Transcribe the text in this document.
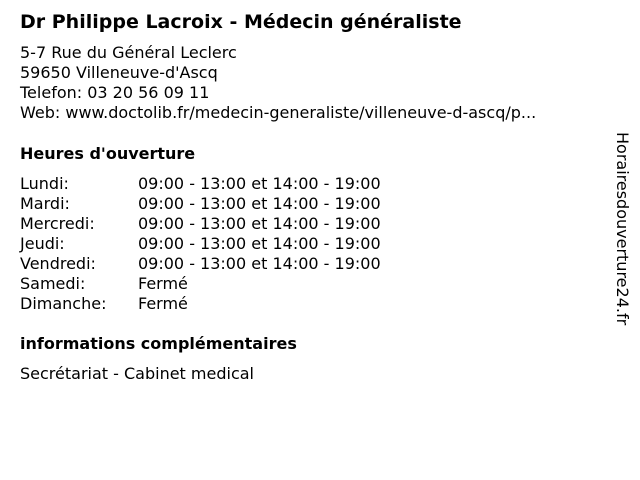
Dr Philippe Lacroix - Médecin généraliste
5-7 Rue du Général Leclerc
59650 Villeneuve-d'Ascq
Telefon: 03 20 56 09 11
Web: www.doctolib.fr/medecin-generaliste/villeneuve-d-ascq/p...
Heures d'ouverture
Lundi:	09:00 - 13:00 et 14:00 - 19:00
Mardi:	09:00 - 13:00 et 14:00 - 19:00
Mercredi:	09:00 - 13:00 et 14:00 - 19:00
Jeudi:	09:00 - 13:00 et 14:00 - 19:00
Vendredi:	09:00 - 13:00 et 14:00 - 19:00
Samedi:	Fermé
Dimanche:	Fermé
informations complémentaires
Secrétariat - Cabinet medical
Horairesdouverture24.fr
